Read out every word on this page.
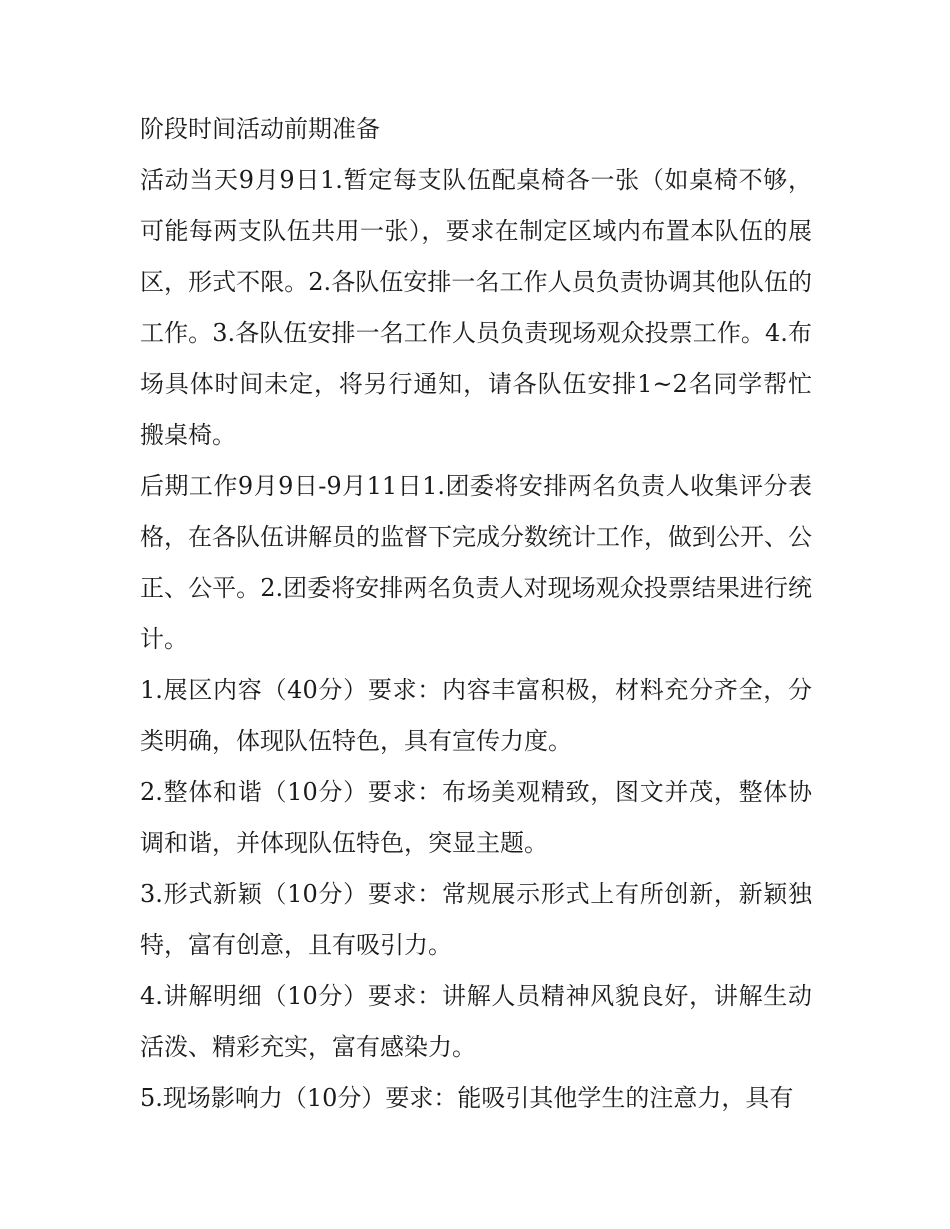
阶段时间活动前期准备

活动当天9月9日1.暂定每支队伍配桌椅各一张（如桌椅不够，可能每两支队伍共用一张），要求在制定区域内布置本队伍的展区，形式不限。2.各队伍安排一名工作人员负责协调其他队伍的工作。3.各队伍安排一名工作人员负责现场观众投票工作。4.布场具体时间未定，将另行通知，请各队伍安排1~2名同学帮忙搬桌椅。

后期工作9月9日-9月11日1.团委将安排两名负责人收集评分表格，在各队伍讲解员的监督下完成分数统计工作，做到公开、公正、公平。2.团委将安排两名负责人对现场观众投票结果进行统计。

1.展区内容（40分）要求：内容丰富积极，材料充分齐全，分类明确，体现队伍特色，具有宣传力度。

2.整体和谐（10分）要求：布场美观精致，图文并茂，整体协调和谐，并体现队伍特色，突显主题。

3.形式新颖（10分）要求：常规展示形式上有所创新，新颖独特，富有创意，且有吸引力。

4.讲解明细（10分）要求：讲解人员精神风貌良好，讲解生动活泼、精彩充实，富有感染力。

5.现场影响力（10分）要求：能吸引其他学生的注意力，具有
